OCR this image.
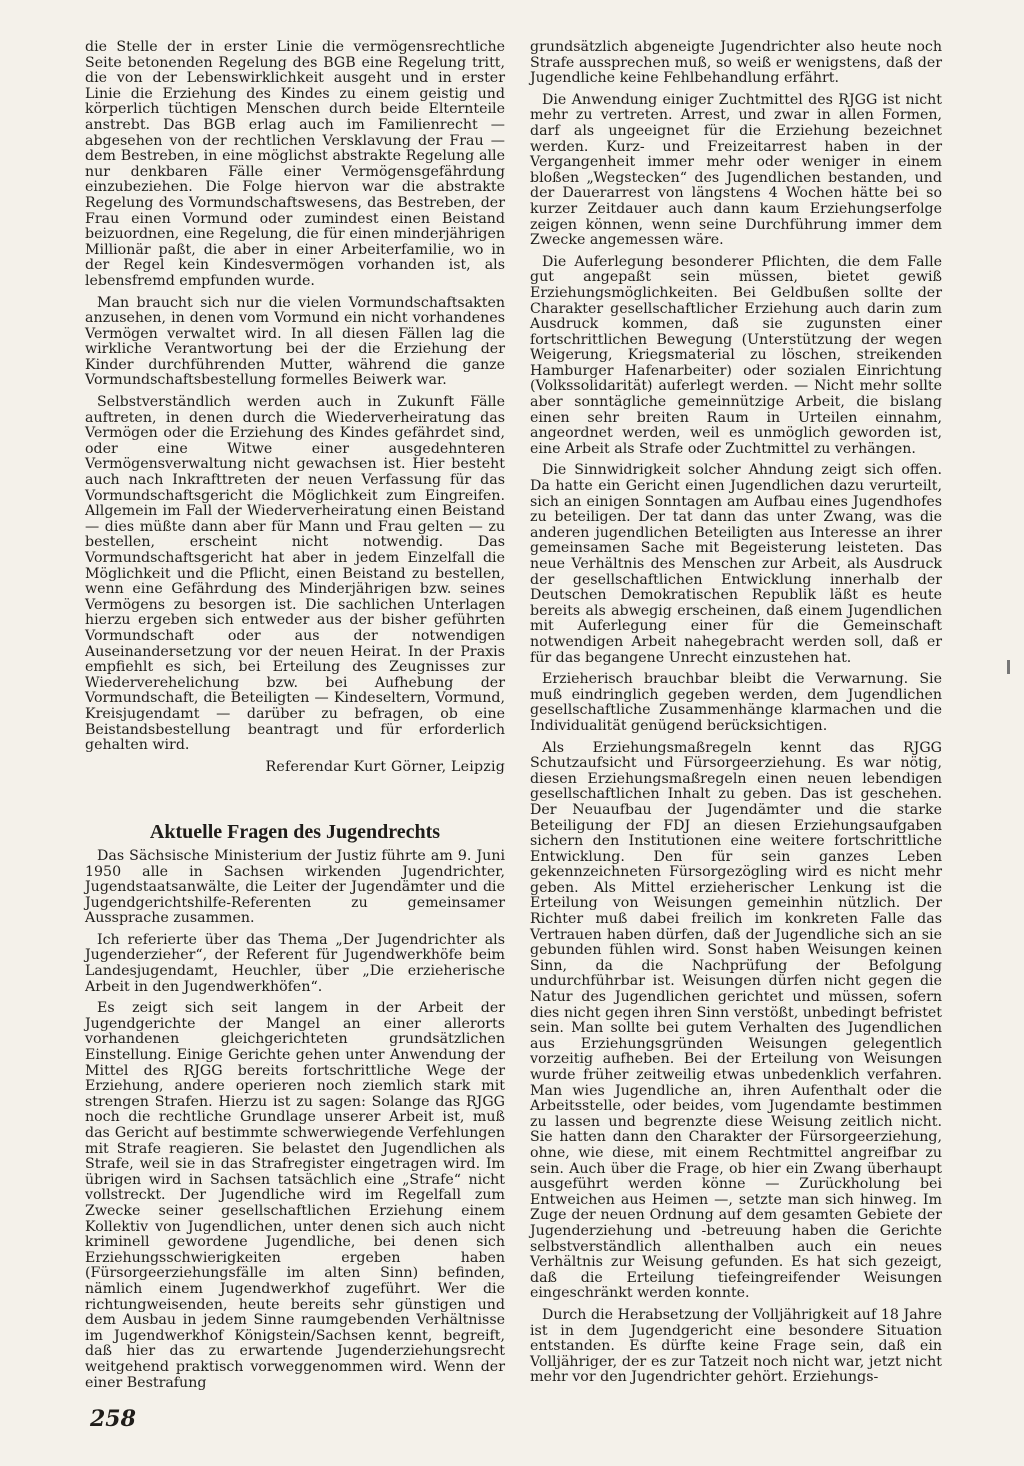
die Stelle der in erster Linie die vermögensrechtliche Seite betonenden Regelung des BGB eine Regelung tritt, die von der Lebenswirklichkeit ausgeht und in erster Linie die Erziehung des Kindes zu einem geistig und körperlich tüchtigen Menschen durch beide Elternteile anstrebt. Das BGB erlag auch im Familienrecht — abgesehen von der rechtlichen Versklavung der Frau — dem Bestreben, in eine möglichst abstrakte Regelung alle nur denkbaren Fälle einer Vermögensgefährdung einzubeziehen. Die Folge hiervon war die abstrakte Regelung des Vormundschaftswesens, das Bestreben, der Frau einen Vormund oder zumindest einen Beistand beizuordnen, eine Regelung, die für einen minderjährigen Millionär paßt, die aber in einer Arbeiterfamilie, wo in der Regel kein Kindesvermögen vorhanden ist, als lebensfremd empfunden wurde.

Man braucht sich nur die vielen Vormundschaftsakten anzusehen, in denen vom Vormund ein nicht vorhandenes Vermögen verwaltet wird. In all diesen Fällen lag die wirkliche Verantwortung bei der die Erziehung der Kinder durchführenden Mutter, während die ganze Vormundschaftsbestellung formelles Beiwerk war.

Selbstverständlich werden auch in Zukunft Fälle auftreten, in denen durch die Wiederverheiratung das Vermögen oder die Erziehung des Kindes gefährdet sind, oder eine Witwe einer ausgedehnteren Vermögensverwaltung nicht gewachsen ist. Hier besteht auch nach Inkrafttreten der neuen Verfassung für das Vormundschaftsgericht die Möglichkeit zum Eingreifen. Allgemein im Fall der Wiederverheiratung einen Beistand — dies müßte dann aber für Mann und Frau gelten — zu bestellen, erscheint nicht notwendig. Das Vormundschaftsgericht hat aber in jedem Einzelfall die Möglichkeit und die Pflicht, einen Beistand zu bestellen, wenn eine Gefährdung des Minderjährigen bzw. seines Vermögens zu besorgen ist. Die sachlichen Unterlagen hierzu ergeben sich entweder aus der bisher geführten Vormundschaft oder aus der notwendigen Auseinandersetzung vor der neuen Heirat. In der Praxis empfiehlt es sich, bei Erteilung des Zeugnisses zur Wiederverehelichung bzw. bei Aufhebung der Vormundschaft, die Beteiligten — Kindeseltern, Vormund, Kreisjugendamt — darüber zu befragen, ob eine Beistandsbestellung beantragt und für erforderlich gehalten wird.

Referendar Kurt Görner, Leipzig
Aktuelle Fragen des Jugendrechts

Das Sächsische Ministerium der Justiz führte am 9. Juni 1950 alle in Sachsen wirkenden Jugendrichter, Jugendstaatsanwälte, die Leiter der Jugendämter und die Jugendgerichtshilfe-Referenten zu gemeinsamer Aussprache zusammen.

Ich referierte über das Thema „Der Jugendrichter als Jugenderzieher“, der Referent für Jugendwerkhöfe beim Landesjugendamt, Heuchler, über „Die erzieherische Arbeit in den Jugendwerkhöfen“.

Es zeigt sich seit langem in der Arbeit der Jugendgerichte der Mangel an einer allerorts vorhandenen gleichgerichteten grundsätzlichen Einstellung. Einige Gerichte gehen unter Anwendung der Mittel des RJGG bereits fortschrittliche Wege der Erziehung, andere operieren noch ziemlich stark mit strengen Strafen. Hierzu ist zu sagen: Solange das RJGG noch die rechtliche Grundlage unserer Arbeit ist, muß das Gericht auf bestimmte schwerwiegende Verfehlungen mit Strafe reagieren. Sie belastet den Jugendlichen als Strafe, weil sie in das Strafregister eingetragen wird. Im übrigen wird in Sachsen tatsächlich eine „Strafe“ nicht vollstreckt. Der Jugendliche wird im Regelfall zum Zwecke seiner gesellschaftlichen Erziehung einem Kollektiv von Jugendlichen, unter denen sich auch nicht kriminell gewordene Jugendliche, bei denen sich Erziehungsschwierigkeiten ergeben haben (Fürsorgeerziehungsfälle im alten Sinn) befinden, nämlich einem Jugendwerkhof zugeführt. Wer die richtungweisenden, heute bereits sehr günstigen und dem Ausbau in jedem Sinne raumgebenden Verhältnisse im Jugendwerkhof Königstein/Sachsen kennt, begreift, daß hier das zu erwartende Jugenderziehungsrecht weitgehend praktisch vorweggenommen wird. Wenn der einer Bestrafung

grundsätzlich abgeneigte Jugendrichter also heute noch Strafe aussprechen muß, so weiß er wenigstens, daß der Jugendliche keine Fehlbehandlung erfährt.

Die Anwendung einiger Zuchtmittel des RJGG ist nicht mehr zu vertreten. Arrest, und zwar in allen Formen, darf als ungeeignet für die Erziehung bezeichnet werden. Kurz- und Freizeitarrest haben in der Vergangenheit immer mehr oder weniger in einem bloßen „Wegstecken“ des Jugendlichen bestanden, und der Dauerarrest von längstens 4 Wochen hätte bei so kurzer Zeitdauer auch dann kaum Erziehungserfolge zeigen können, wenn seine Durchführung immer dem Zwecke angemessen wäre.

Die Auferlegung besonderer Pflichten, die dem Falle gut angepaßt sein müssen, bietet gewiß Erziehungsmöglichkeiten. Bei Geldbußen sollte der Charakter gesellschaftlicher Erziehung auch darin zum Ausdruck kommen, daß sie zugunsten einer fortschrittlichen Bewegung (Unterstützung der wegen Weigerung, Kriegsmaterial zu löschen, streikenden Hamburger Hafenarbeiter) oder sozialen Einrichtung (Volkssolidarität) auferlegt werden. — Nicht mehr sollte aber sonntägliche gemeinnützige Arbeit, die bislang einen sehr breiten Raum in Urteilen einnahm, angeordnet werden, weil es unmöglich geworden ist, eine Arbeit als Strafe oder Zuchtmittel zu verhängen.

Die Sinnwidrigkeit solcher Ahndung zeigt sich offen. Da hatte ein Gericht einen Jugendlichen dazu verurteilt, sich an einigen Sonntagen am Aufbau eines Jugendhofes zu beteiligen. Der tat dann das unter Zwang, was die anderen jugendlichen Beteiligten aus Interesse an ihrer gemeinsamen Sache mit Begeisterung leisteten. Das neue Verhältnis des Menschen zur Arbeit, als Ausdruck der gesellschaftlichen Entwicklung innerhalb der Deutschen Demokratischen Republik läßt es heute bereits als abwegig erscheinen, daß einem Jugendlichen mit Auferlegung einer für die Gemeinschaft notwendigen Arbeit nahegebracht werden soll, daß er für das begangene Unrecht einzustehen hat.

Erzieherisch brauchbar bleibt die Verwarnung. Sie muß eindringlich gegeben werden, dem Jugendlichen gesellschaftliche Zusammenhänge klarmachen und die Individualität genügend berücksichtigen.

Als Erziehungsmaßregeln kennt das RJGG Schutzaufsicht und Fürsorgeerziehung. Es war nötig, diesen Erziehungsmaßregeln einen neuen lebendigen gesellschaftlichen Inhalt zu geben. Das ist geschehen. Der Neuaufbau der Jugendämter und die starke Beteiligung der FDJ an diesen Erziehungsaufgaben sichern den Institutionen eine weitere fortschrittliche Entwicklung. Den für sein ganzes Leben gekennzeichneten Fürsorgezögling wird es nicht mehr geben. Als Mittel erzieherischer Lenkung ist die Erteilung von Weisungen gemeinhin nützlich. Der Richter muß dabei freilich im konkreten Falle das Vertrauen haben dürfen, daß der Jugendliche sich an sie gebunden fühlen wird. Sonst haben Weisungen keinen Sinn, da die Nachprüfung der Befolgung undurchführbar ist. Weisungen dürfen nicht gegen die Natur des Jugendlichen gerichtet und müssen, sofern dies nicht gegen ihren Sinn verstößt, unbedingt befristet sein. Man sollte bei gutem Verhalten des Jugendlichen aus Erziehungsgründen Weisungen gelegentlich vorzeitig aufheben. Bei der Erteilung von Weisungen wurde früher zeitweilig etwas unbedenklich verfahren. Man wies Jugendliche an, ihren Aufenthalt oder die Arbeitsstelle, oder beides, vom Jugendamte bestimmen zu lassen und begrenzte diese Weisung zeitlich nicht. Sie hatten dann den Charakter der Fürsorgeerziehung, ohne, wie diese, mit einem Rechtmittel angreifbar zu sein. Auch über die Frage, ob hier ein Zwang überhaupt ausgeführt werden könne — Zurückholung bei Entweichen aus Heimen —, setzte man sich hinweg. Im Zuge der neuen Ordnung auf dem gesamten Gebiete der Jugenderziehung und -betreuung haben die Gerichte selbstverständlich allenthalben auch ein neues Verhältnis zur Weisung gefunden. Es hat sich gezeigt, daß die Erteilung tiefeingreifender Weisungen eingeschränkt werden konnte.

Durch die Herabsetzung der Volljährigkeit auf 18 Jahre ist in dem Jugendgericht eine besondere Situation entstanden. Es dürfte keine Frage sein, daß ein Volljähriger, der es zur Tatzeit noch nicht war, jetzt nicht mehr vor den Jugendrichter gehört. Erziehungs-

258
